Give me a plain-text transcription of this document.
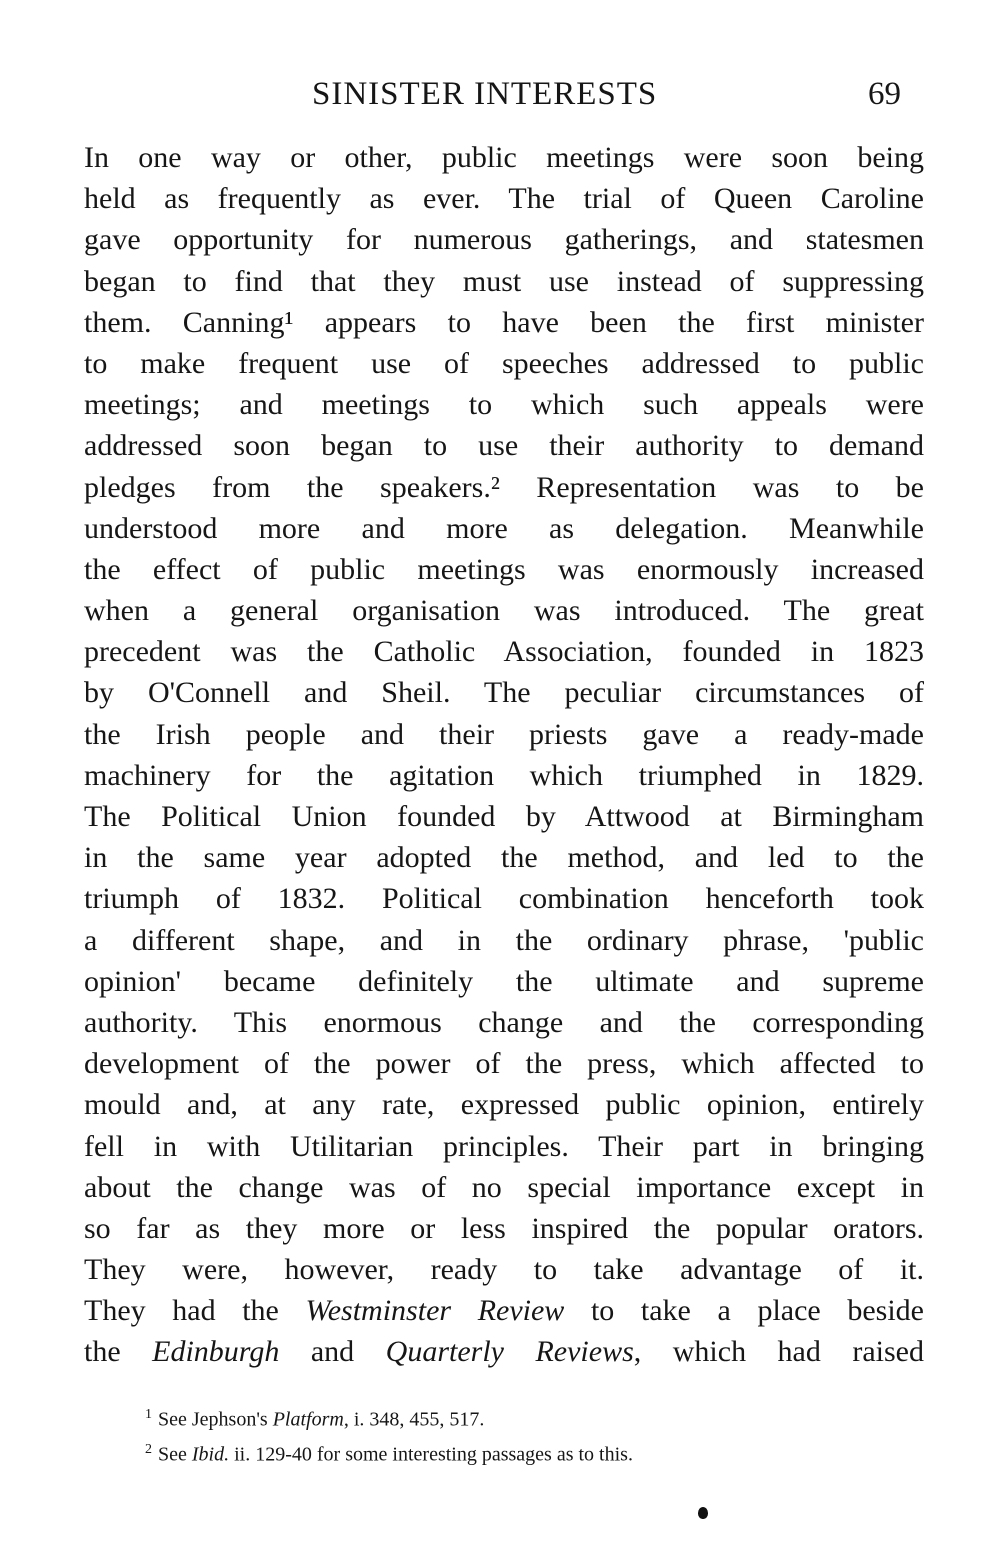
SINISTER INTERESTS	69
In one way or other, public meetings were soon being
held as frequently as ever. The trial of Queen Caroline
gave opportunity for numerous gatherings, and statesmen
began to find that they must use instead of suppressing
them. Canning¹ appears to have been the first minister
to make frequent use of speeches addressed to public
meetings; and meetings to which such appeals were
addressed soon began to use their authority to demand
pledges from the speakers.² Representation was to be
understood more and more as delegation. Meanwhile
the effect of public meetings was enormously increased
when a general organisation was introduced. The great
precedent was the Catholic Association, founded in 1823
by O'Connell and Sheil. The peculiar circumstances of
the Irish people and their priests gave a ready-made
machinery for the agitation which triumphed in 1829.
The Political Union founded by Attwood at Birmingham
in the same year adopted the method, and led to the
triumph of 1832. Political combination henceforth took
a different shape, and in the ordinary phrase, 'public
opinion' became definitely the ultimate and supreme
authority. This enormous change and the corresponding
development of the power of the press, which affected to
mould and, at any rate, expressed public opinion, entirely
fell in with Utilitarian principles. Their part in bringing
about the change was of no special importance except in
so far as they more or less inspired the popular orators.
They were, however, ready to take advantage of it.
They had the Westminster Review to take a place beside
the Edinburgh and Quarterly Reviews, which had raised
$^1$ See Jephson's Platform, i. 348, 455, 517.
$^2$ See Ibid. ii. 129-40 for some interesting passages as to this.
